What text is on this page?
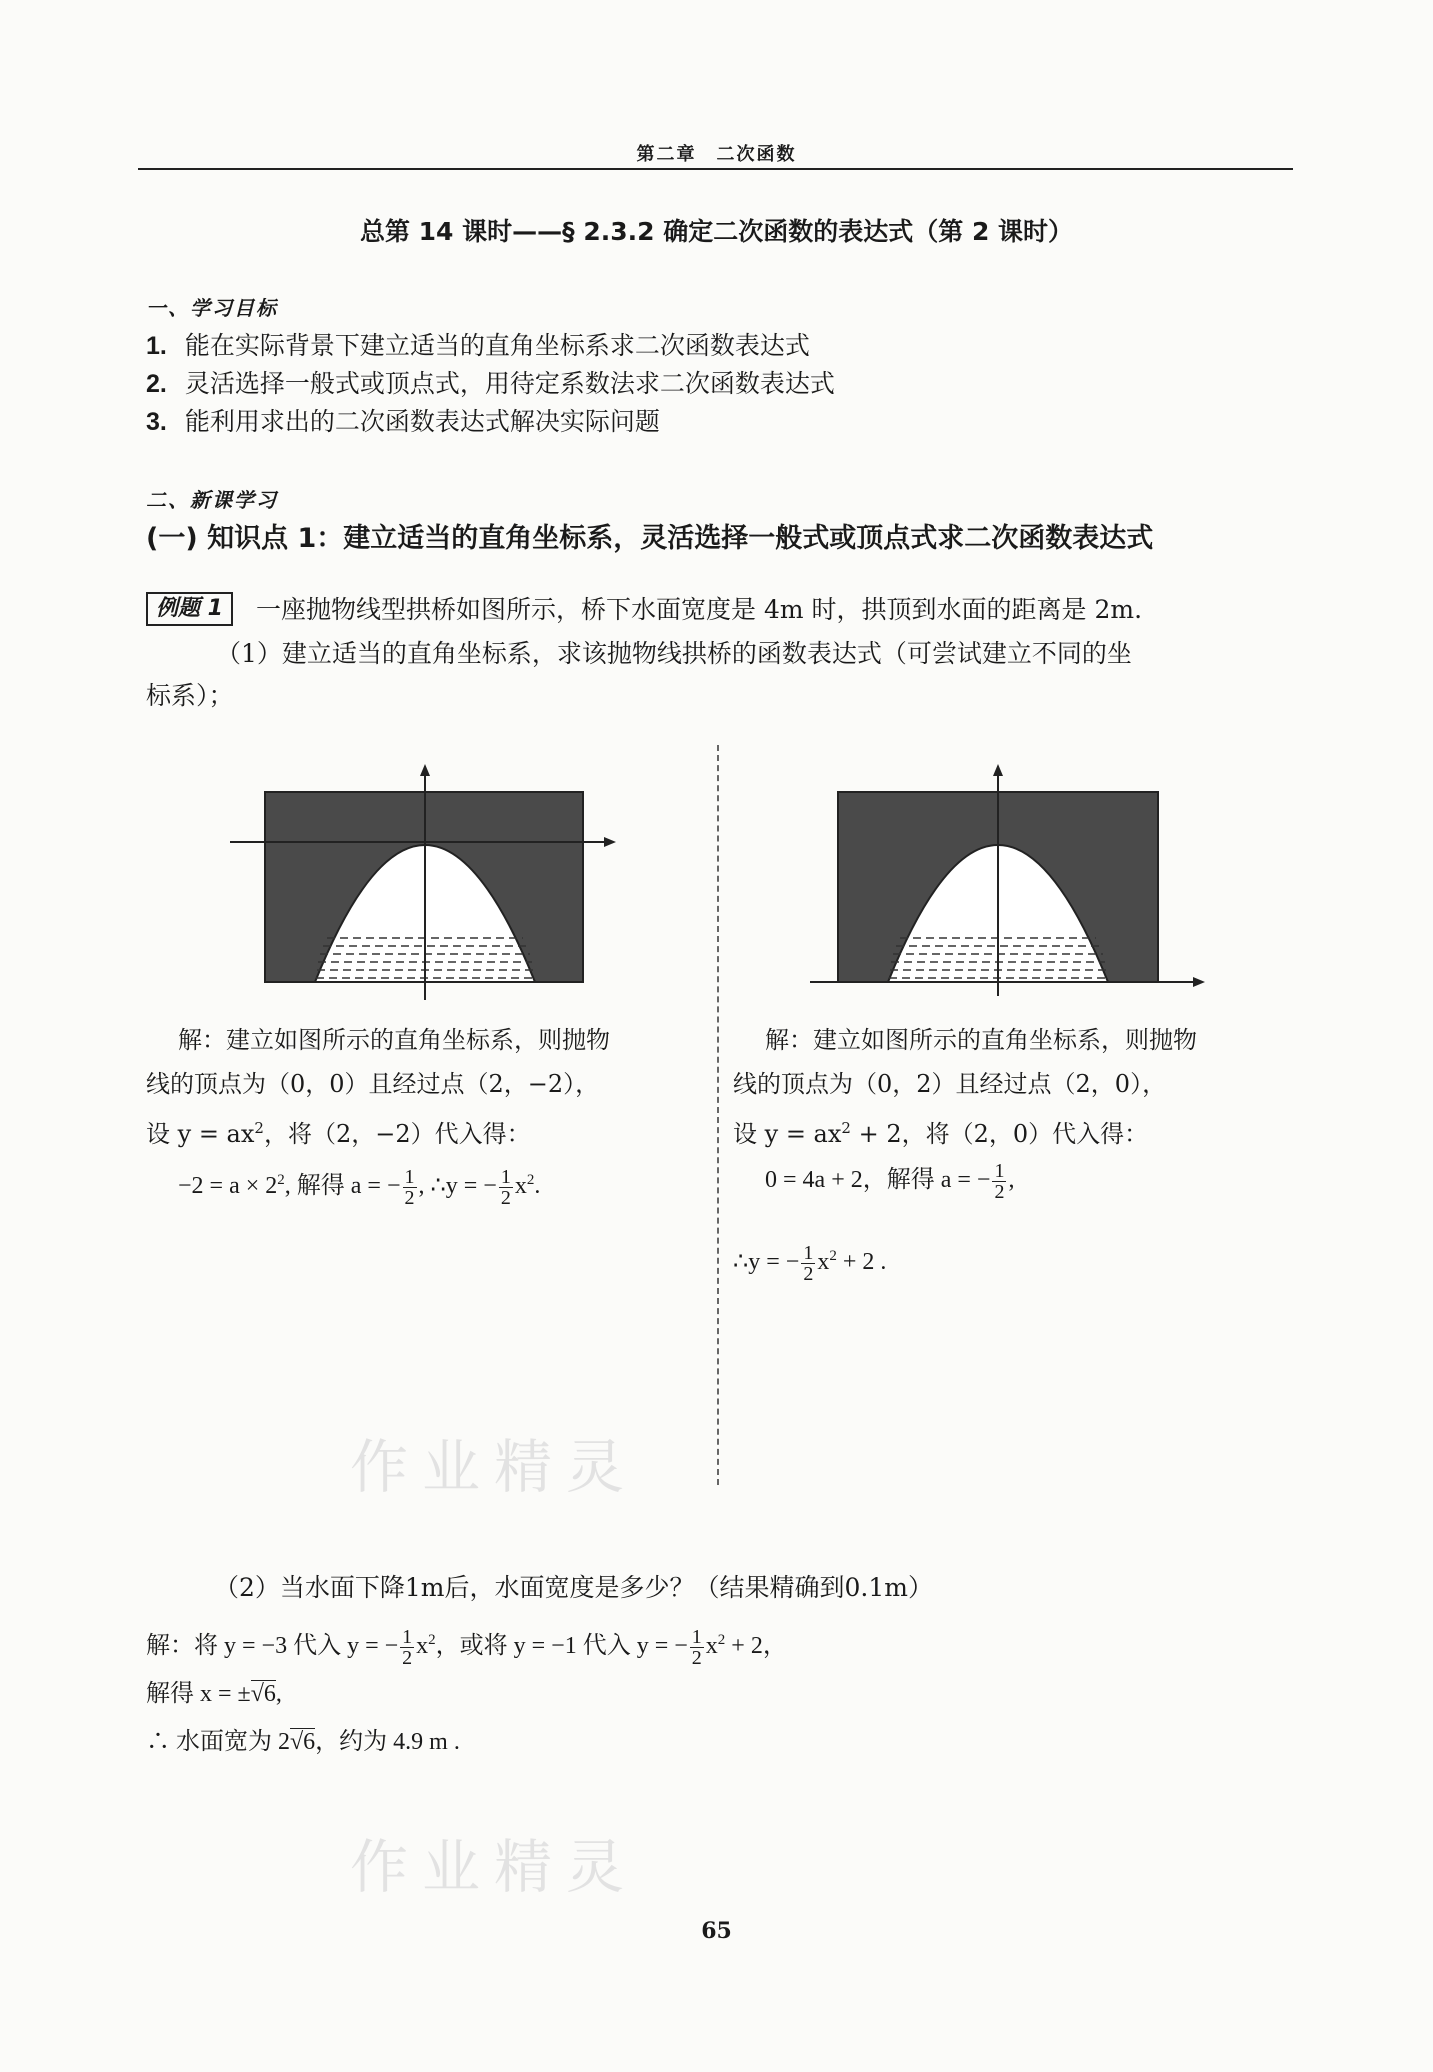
第二章　二次函数
总第 14 课时——§ 2.3.2 确定二次函数的表达式（第 2 课时）
一、学习目标
1. 能在实际背景下建立适当的直角坐标系求二次函数表达式
2. 灵活选择一般式或顶点式，用待定系数法求二次函数表达式
3. 能利用求出的二次函数表达式解决实际问题
二、新课学习
(一) 知识点 1：建立适当的直角坐标系，灵活选择一般式或顶点式求二次函数表达式
例题 1	一座抛物线型拱桥如图所示，桥下水面宽度是 4m 时，拱顶到水面的距离是 2m.
（1）建立适当的直角坐标系，求该抛物线拱桥的函数表达式（可尝试建立不同的坐
标系）；
解：建立如图所示的直角坐标系，则抛物
线的顶点为（0，0）且经过点（2，−2），
设 $y = ax^2$，将（2，−2）代入得：
$-2 = a \times 2^2$, 解得 a = − $\frac{1}{2}$ , ∴y = − $\frac{1}{2} x^2$.
解：建立如图所示的直角坐标系，则抛物
线的顶点为（0，2）且经过点（2，0），
设 $y = ax^2 + 2$，将（2，0）代入得：
0 = 4a + 2，解得 a = − $\frac{1}{2}$ ,
∴y = − $\frac{1}{2} x^2 + 2$ .
作业精灵
（2）当水面下降1m后，水面宽度是多少？（结果精确到0.1m）
解：将 y = −3 代入 y = − $\frac{1}{2} x^2$，或将 y = −1 代入 y = − $\frac{1}{2} x^2 + 2$，
解得 x = ±√6,
∴ 水面宽为 2√6，约为 4.9 m .
作业精灵
65
